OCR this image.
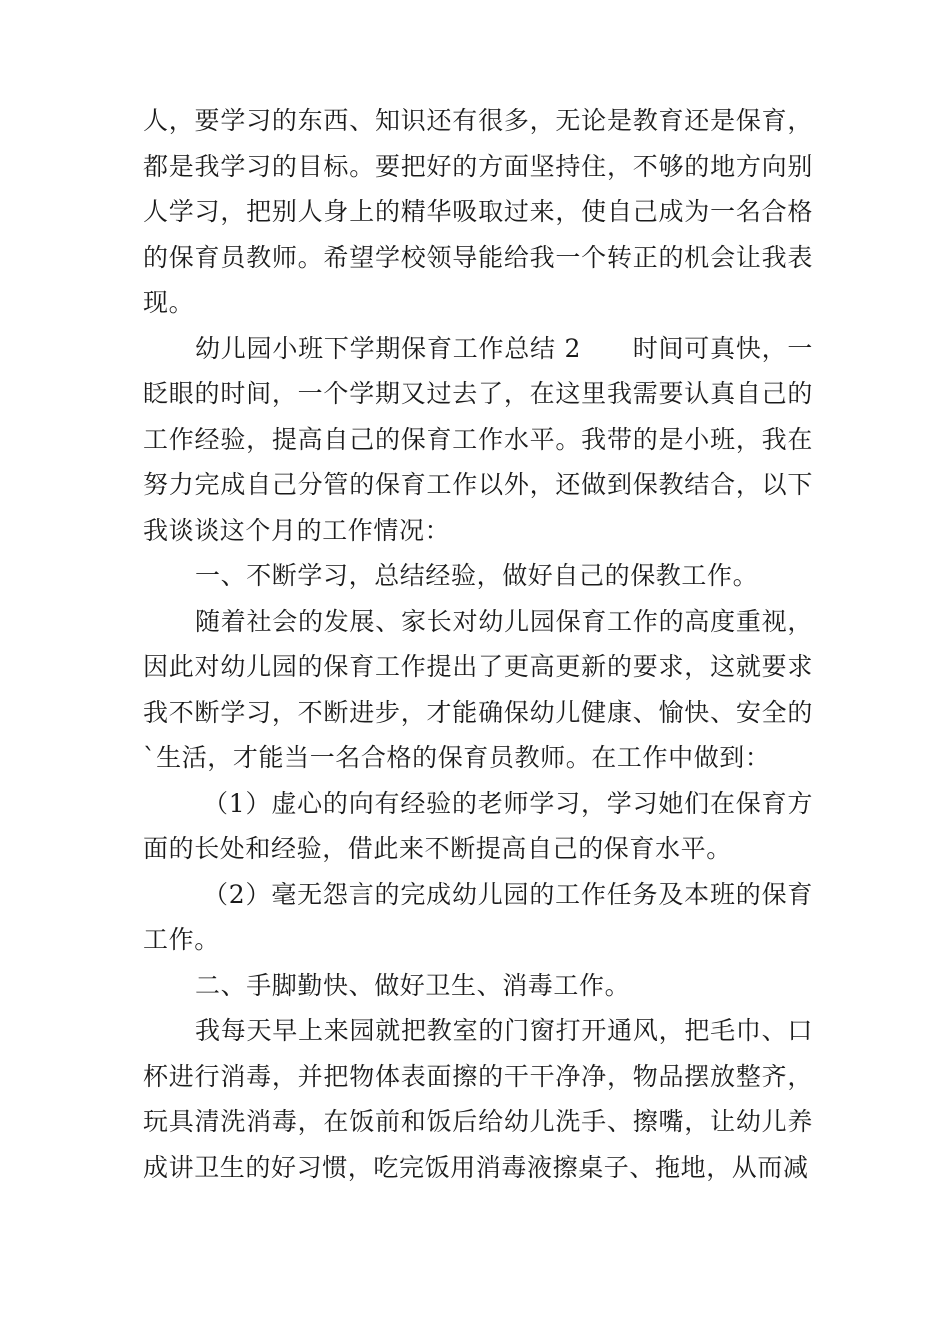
人，要学习的东西、知识还有很多，无论是教育还是保育，都是我学习的目标。要把好的方面坚持住，不够的地方向别人学习，把别人身上的精华吸取过来，使自己成为一名合格的保育员教师。希望学校领导能给我一个转正的机会让我表现。

幼儿园小班下学期保育工作总结 2　　时间可真快，一眨眼的时间，一个学期又过去了，在这里我需要认真自己的工作经验，提高自己的保育工作水平。我带的是小班，我在努力完成自己分管的保育工作以外，还做到保教结合，以下我谈谈这个月的工作情况：

一、不断学习，总结经验，做好自己的保教工作。

随着社会的发展、家长对幼儿园保育工作的高度重视，因此对幼儿园的保育工作提出了更高更新的要求，这就要求我不断学习，不断进步，才能确保幼儿健康、愉快、安全的`生活，才能当一名合格的保育员教师。在工作中做到：

（1）虚心的向有经验的老师学习，学习她们在保育方面的长处和经验，借此来不断提高自己的保育水平。

（2）毫无怨言的完成幼儿园的工作任务及本班的保育工作。

二、手脚勤快、做好卫生、消毒工作。

我每天早上来园就把教室的门窗打开通风，把毛巾、口杯进行消毒，并把物体表面擦的干干净净，物品摆放整齐，玩具清洗消毒，在饭前和饭后给幼儿洗手、擦嘴，让幼儿养成讲卫生的好习惯，吃完饭用消毒液擦桌子、拖地，从而减
